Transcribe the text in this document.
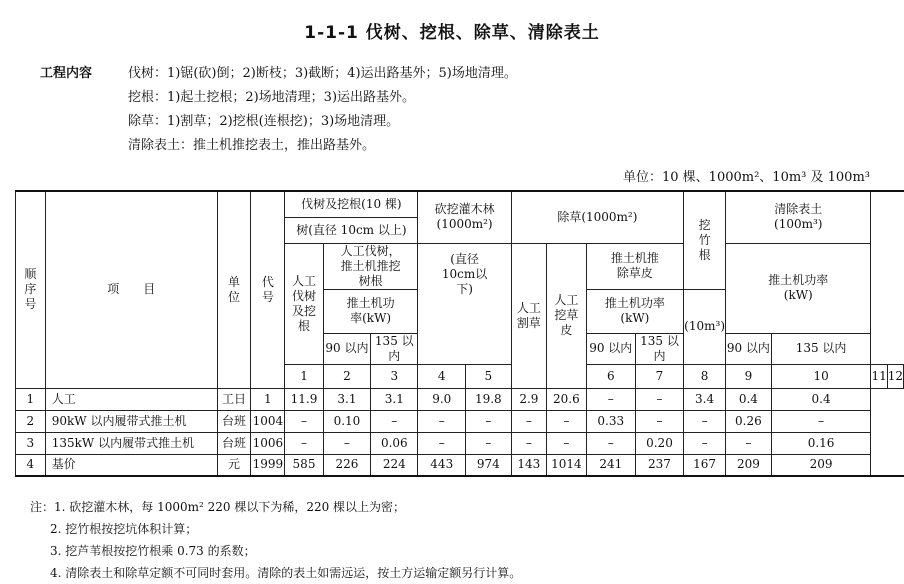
1-1-1 伐树、挖根、除草、清除表土
工程内容	伐树：1)锯(砍)倒；2)断枝；3)截断；4)运出路基外；5)场地清理。
挖根：1)起土挖根；2)场地清理；3)运出路基外。
除草：1)割草；2)挖根(连根挖)；3)场地清理。
清除表土：推土机推挖表土，推出路基外。
单位：10 棵、1000m²、10m³ 及 100m³
顺序号	项　　目	单位	代号	伐树及挖根(10 棵)			砍挖灌木林(1000m²)		除草(1000m²)				挖竹根	清除表土(100m³)			
				树(直径 10cm 以上)													
				人工伐树及挖根	人工伐树，推土机推挖树根		(直径 10cm以下)		人工割草	人工挖草皮	推土机推除草皮			推土机功率(kW)			
					推土机功率(kW)						推土机功率(kW)		(10m³)				
					90 以内	135 以内					90 以内	135 以内		90 以内	135 以内		
				1	2	3	4	5			6	7	8	9	10	11	12
1	人工	工日	1	11.9	3.1	3.1	9.0	19.8	2.9	20.6	–	–	3.4	0.4	0.4		
2	90kW 以内履带式推土机	台班	1004	–	0.10	–	–	–	–	–	0.33	–	–	0.26	–		
3	135kW 以内履带式推土机	台班	1006	–	–	0.06	–	–	–	–	–	0.20	–	–	0.16		
4	基价	元	1999	585	226	224	443	974	143	1014	241	237	167	209	209		
注：1. 砍挖灌木林，每 1000m² 220 棵以下为稀，220 棵以上为密；
2. 挖竹根按挖坑体积计算；
3. 挖芦苇根按挖竹根乘 0.73 的系数；
4. 清除表土和除草定额不可同时套用。清除的表土如需远运，按土方运输定额另行计算。
